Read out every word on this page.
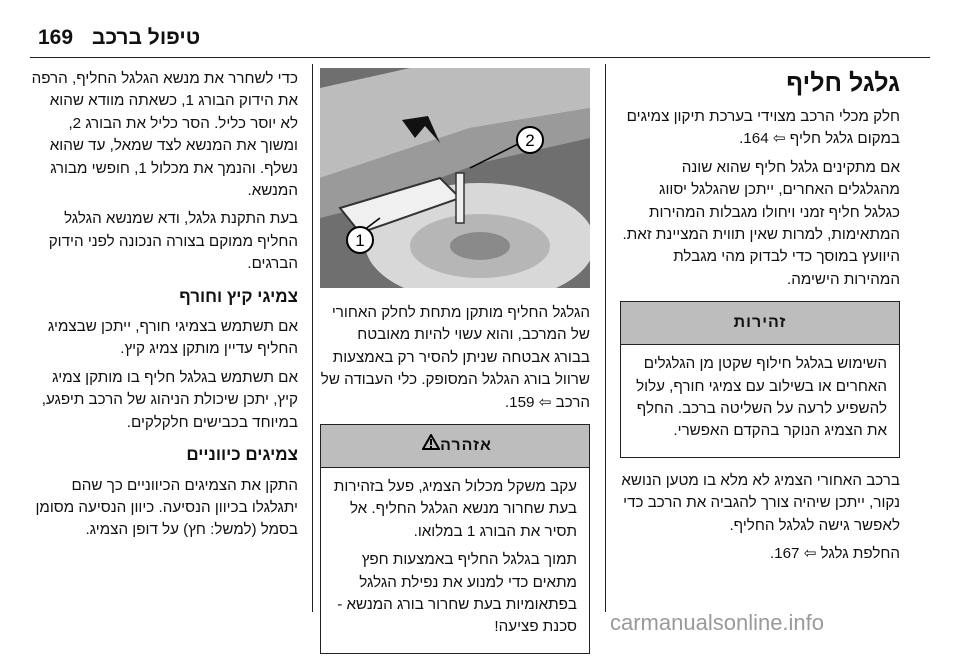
169 טיפול ברכב
גלגל חליף

חלק מכלי הרכב מצוידי בערכת תיקון צמיגים במקום גלגל חליף ⇦ 164.

אם מתקינים גלגל חליף שהוא שונה מהגלגלים האחרים, ייתכן שהגלגל יסווג כגלגל חליף זמני ויחולו מגבלות המהירות המתאימות, למרות שאין תווית המציינת זאת. היוועץ במוסך כדי לבדוק מהי מגבלת המהירות הישימה.

זהירות

השימוש בגלגל חילוף שקטן מן הגלגלים האחרים או בשילוב עם צמיגי חורף, עלול להשפיע לרעה על השליטה ברכב. החלף את הצמיג הנוקר בהקדם האפשרי.

ברכב האחורי הצמיג לא מלא בו מטען הנושא נקור, ייתכן שיהיה צורך להגביה את הרכב כדי לאפשר גישה לגלגל החליף.

החלפת גלגל ⇦ 167.

1
2

הגלגל החליף מותקן מתחת לחלק האחורי של המרכב, והוא עשוי להיות מאובטח בבורג אבטחה שניתן להסיר רק באמצעות שרוול בורג הגלגל המסופק. כלי העבודה של הרכב ⇦ 159.

אזהרה

עקב משקל מכלול הצמיג, פעל בזהירות בעת שחרור מנשא הגלגל החליף. אל תסיר את הבורג 1 במלואו.

תמוך בגלגל החליף באמצעות חפץ מתאים כדי למנוע את נפילת הגלגל בפתאומיות בעת שחרור בורג המנשא - סכנת פציעה!

כדי לשחרר את מנשא הגלגל החליף, הרפה את הידוק הבורג 1, כשאתה מוודא שהוא לא יוסר כליל. הסר כליל את הבורג 2, ומשוך את המנשא לצד שמאל, עד שהוא נשלף. והנמך את מכלול 1, חופשי מבורג המנשא.

בעת התקנת גלגל, ודא שמנשא הגלגל החליף ממוקם בצורה הנכונה לפני הידוק הברגים.

צמיגי קיץ וחורף

אם תשתמש בצמיגי חורף, ייתכן שבצמיג החליף עדיין מותקן צמיג קיץ.

אם תשתמש בגלגל חליף בו מותקן צמיג קיץ, יתכן שיכולת הניהוג של הרכב תיפגע, במיוחד בכבישים חלקלקים.

צמיגים כיווניים

התקן את הצמיגים הכיווניים כך שהם יתגלגלו בכיוון הנסיעה. כיוון הנסיעה מסומן בסמל (למשל: חץ) על דופן הצמיג.

carmanualsonline.info
